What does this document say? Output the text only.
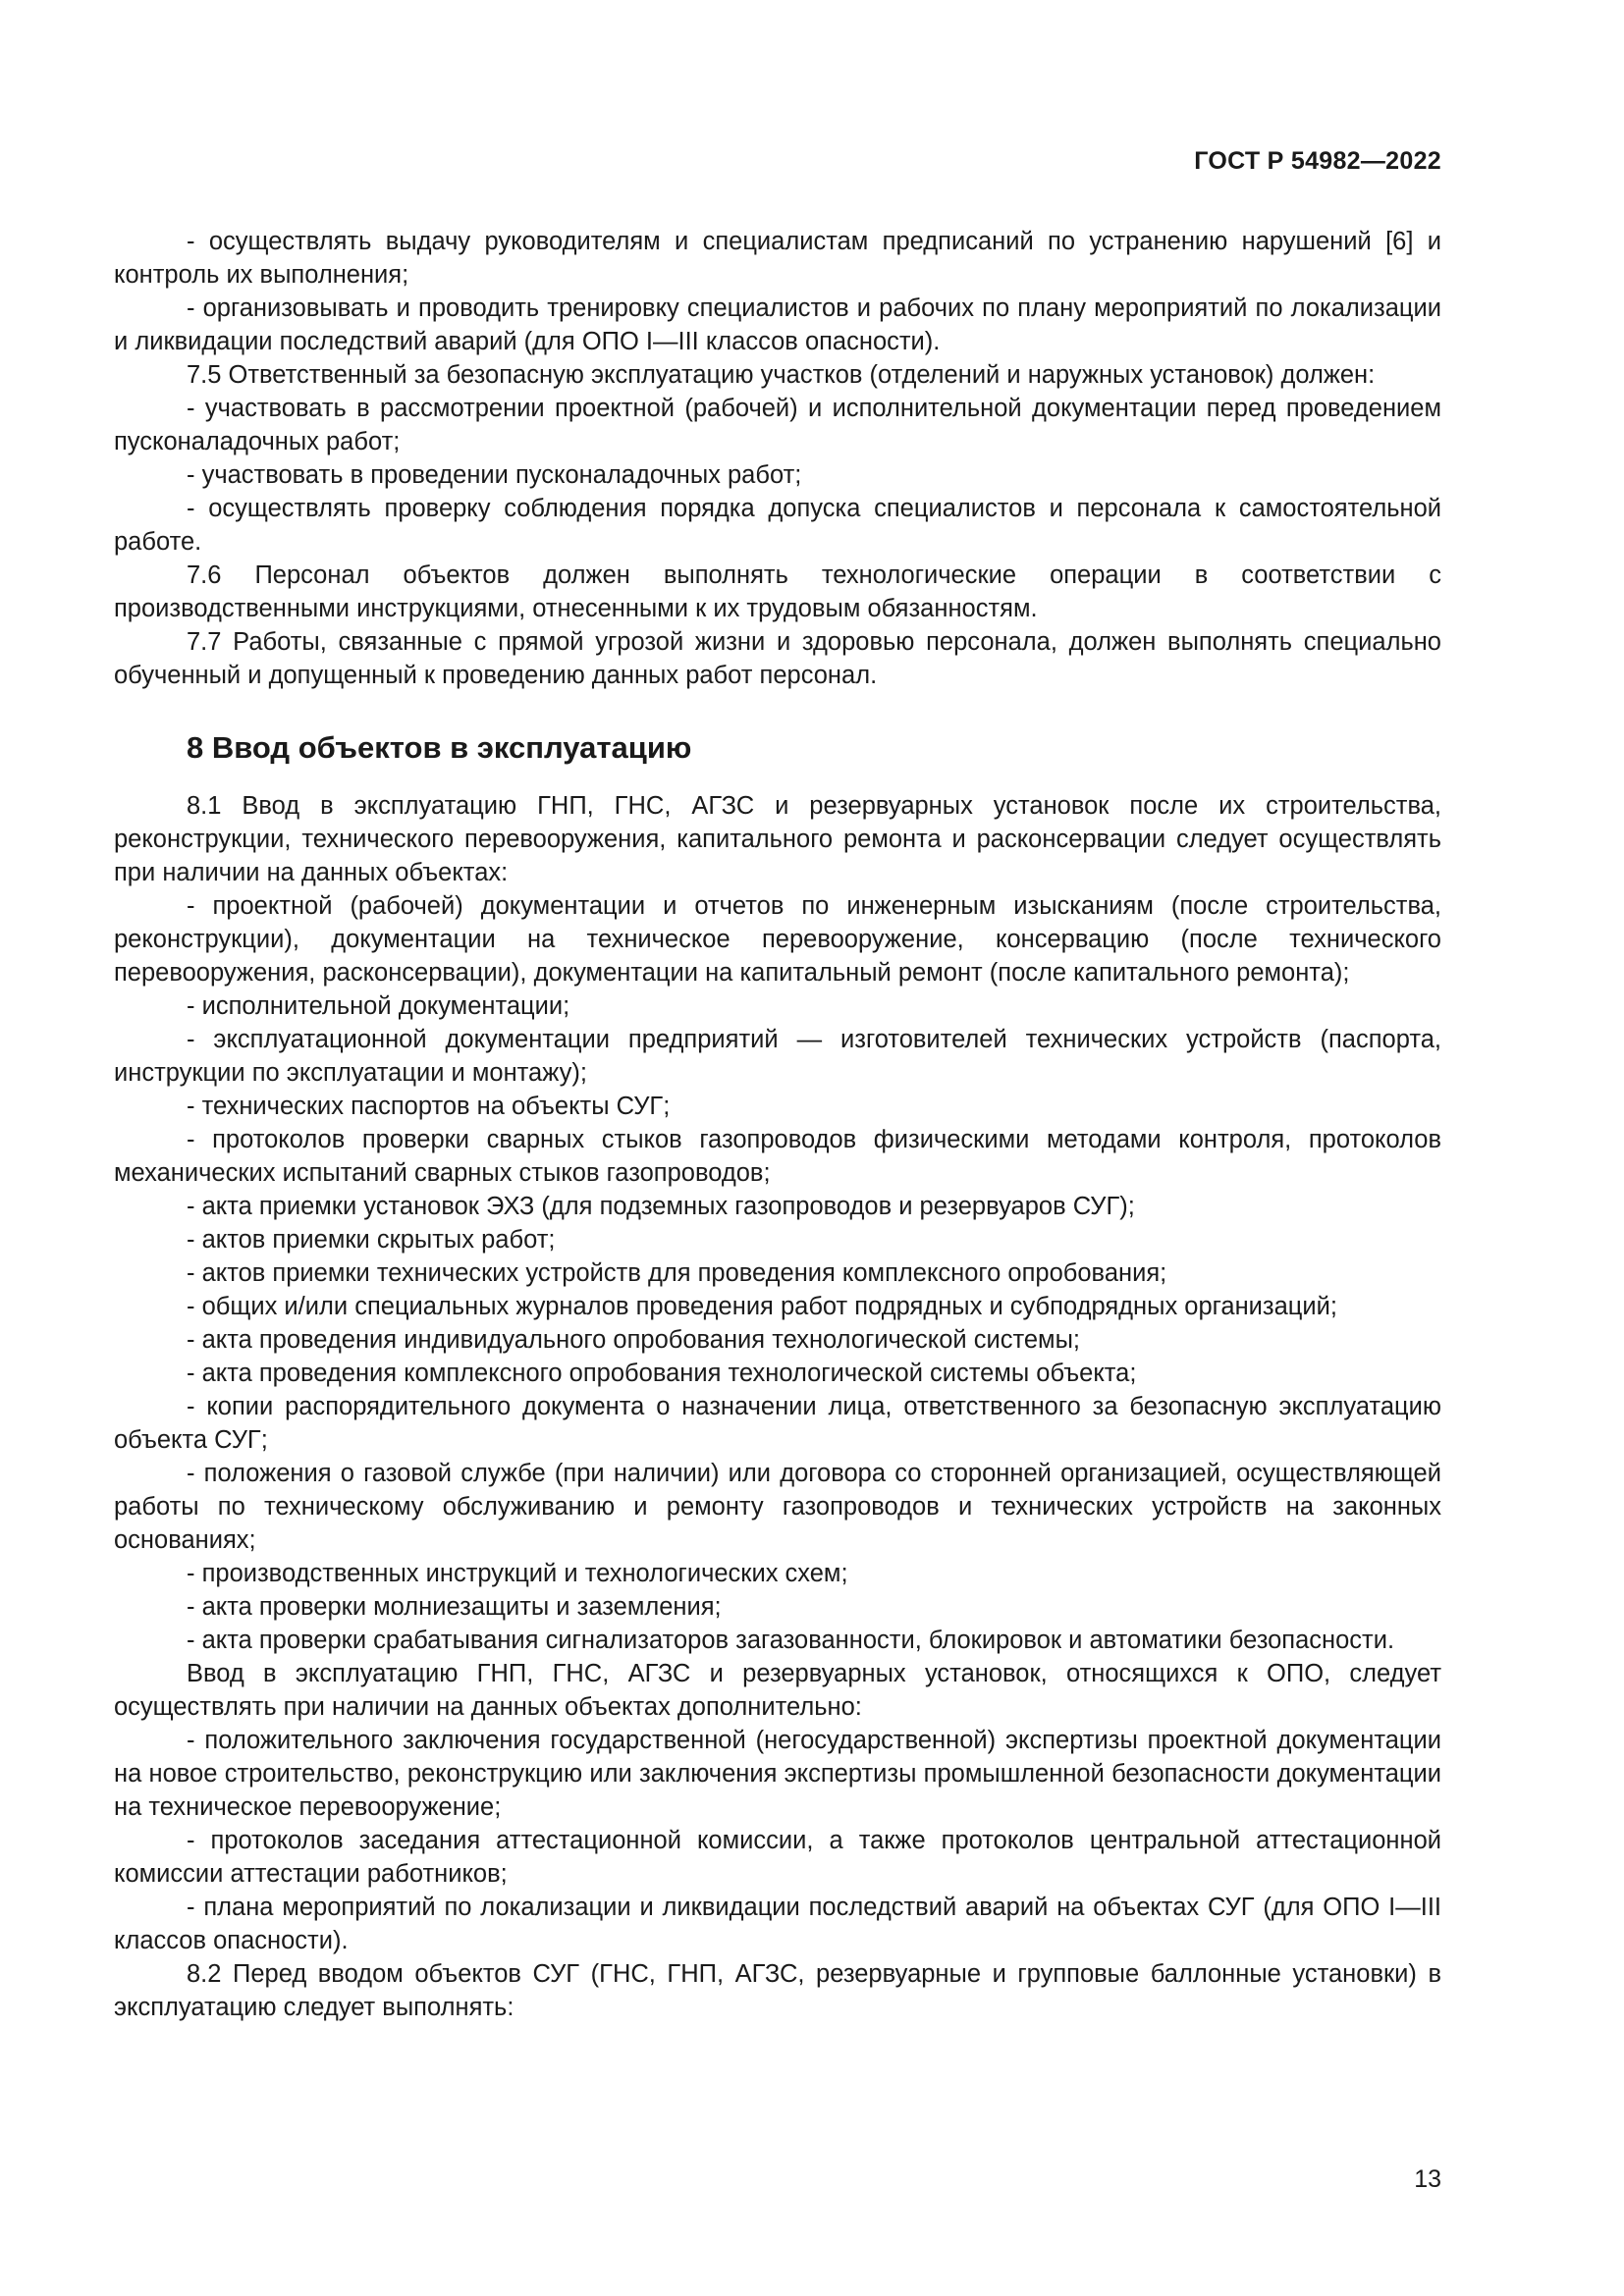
ГОСТ Р 54982—2022

- осуществлять выдачу руководителям и специалистам предписаний по устранению нарушений [6] и контроль их выполнения;

- организовывать и проводить тренировку специалистов и рабочих по плану мероприятий по локализации и ликвидации последствий аварий (для ОПО I—III классов опасности).

7.5 Ответственный за безопасную эксплуатацию участков (отделений и наружных установок) должен:

- участвовать в рассмотрении проектной (рабочей) и исполнительной документации перед проведением пусконаладочных работ;

- участвовать в проведении пусконаладочных работ;

- осуществлять проверку соблюдения порядка допуска специалистов и персонала к самостоятельной работе.

7.6 Персонал объектов должен выполнять технологические операции в соответствии с производственными инструкциями, отнесенными к их трудовым обязанностям.

7.7 Работы, связанные с прямой угрозой жизни и здоровью персонала, должен выполнять специально обученный и допущенный к проведению данных работ персонал.

8 Ввод объектов в эксплуатацию

8.1 Ввод в эксплуатацию ГНП, ГНС, АГЗС и резервуарных установок после их строительства, реконструкции, технического перевооружения, капитального ремонта и расконсервации следует осуществлять при наличии на данных объектах:

- проектной (рабочей) документации и отчетов по инженерным изысканиям (после строительства, реконструкции), документации на техническое перевооружение, консервацию (после технического перевооружения, расконсервации), документации на капитальный ремонт (после капитального ремонта);

- исполнительной документации;

- эксплуатационной документации предприятий — изготовителей технических устройств (паспорта, инструкции по эксплуатации и монтажу);

- технических паспортов на объекты СУГ;

- протоколов проверки сварных стыков газопроводов физическими методами контроля, протоколов механических испытаний сварных стыков газопроводов;

- акта приемки установок ЭХЗ (для подземных газопроводов и резервуаров СУГ);

- актов приемки скрытых работ;

- актов приемки технических устройств для проведения комплексного опробования;

- общих и/или специальных журналов проведения работ подрядных и субподрядных организаций;

- акта проведения индивидуального опробования технологической системы;

- акта проведения комплексного опробования технологической системы объекта;

- копии распорядительного документа о назначении лица, ответственного за безопасную эксплуатацию объекта СУГ;

- положения о газовой службе (при наличии) или договора со сторонней организацией, осуществляющей работы по техническому обслуживанию и ремонту газопроводов и технических устройств на законных основаниях;

- производственных инструкций и технологических схем;

- акта проверки молниезащиты и заземления;

- акта проверки срабатывания сигнализаторов загазованности, блокировок и автоматики безопасности.

Ввод в эксплуатацию ГНП, ГНС, АГЗС и резервуарных установок, относящихся к ОПО, следует осуществлять при наличии на данных объектах дополнительно:

- положительного заключения государственной (негосударственной) экспертизы проектной документации на новое строительство, реконструкцию или заключения экспертизы промышленной безопасности документации на техническое перевооружение;

- протоколов заседания аттестационной комиссии, а также протоколов центральной аттестационной комиссии аттестации работников;

- плана мероприятий по локализации и ликвидации последствий аварий на объектах СУГ (для ОПО I—III классов опасности).

8.2 Перед вводом объектов СУГ (ГНС, ГНП, АГЗС, резервуарные и групповые баллонные установки) в эксплуатацию следует выполнять:

13
